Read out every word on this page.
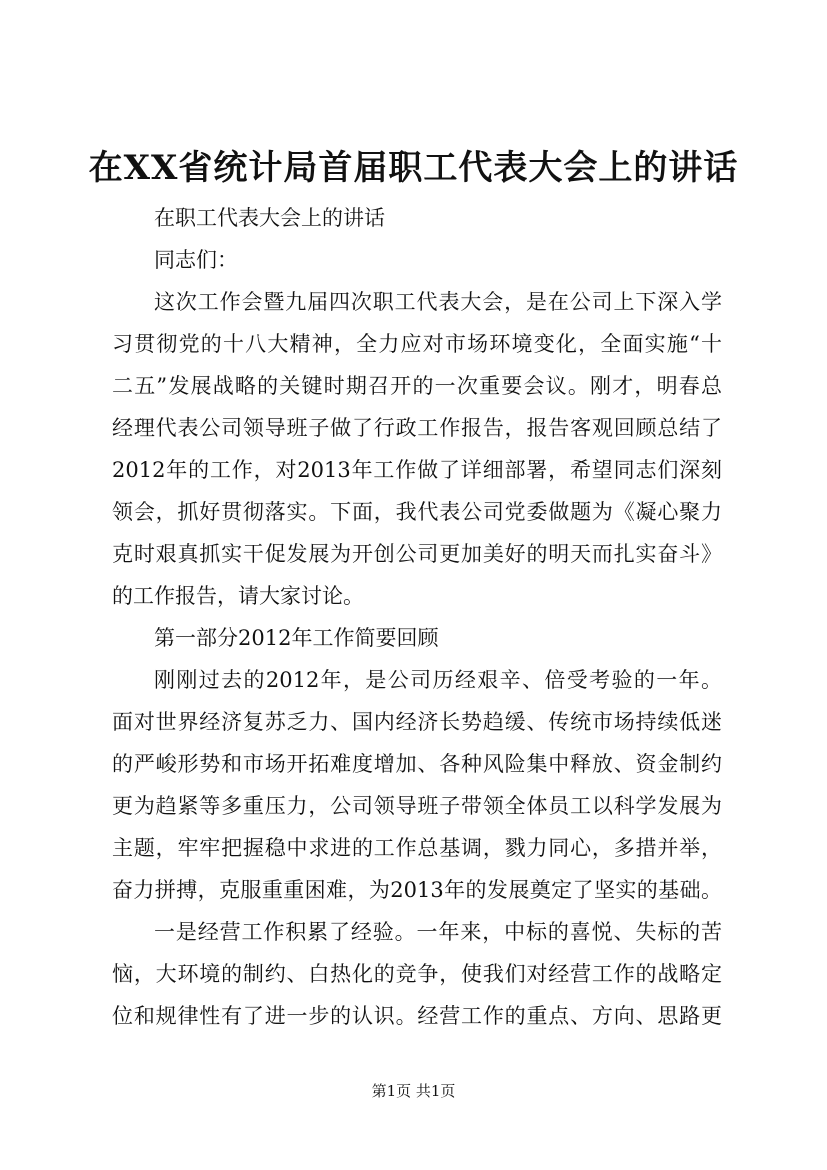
在XX省统计局首届职工代表大会上的讲话
在职工代表大会上的讲话
同志们：
这次工作会暨九届四次职工代表大会，是在公司上下深入学
习贯彻党的十八大精神，全力应对市场环境变化，全面实施“十
二五”发展战略的关键时期召开的一次重要会议。刚才，明春总
经理代表公司领导班子做了行政工作报告，报告客观回顾总结了
2012年的工作，对2013年工作做了详细部署，希望同志们深刻
领会，抓好贯彻落实。下面，我代表公司党委做题为《凝心聚力
克时艰真抓实干促发展为开创公司更加美好的明天而扎实奋斗》
的工作报告，请大家讨论。
第一部分2012年工作简要回顾
刚刚过去的2012年，是公司历经艰辛、倍受考验的一年。
面对世界经济复苏乏力、国内经济长势趋缓、传统市场持续低迷
的严峻形势和市场开拓难度增加、各种风险集中释放、资金制约
更为趋紧等多重压力，公司领导班子带领全体员工以科学发展为
主题，牢牢把握稳中求进的工作总基调，戮力同心，多措并举，
奋力拼搏，克服重重困难，为2013年的发展奠定了坚实的基础。
一是经营工作积累了经验。一年来，中标的喜悦、失标的苦
恼，大环境的制约、白热化的竞争，使我们对经营工作的战略定
位和规律性有了进一步的认识。经营工作的重点、方向、思路更
第1页 共1页
